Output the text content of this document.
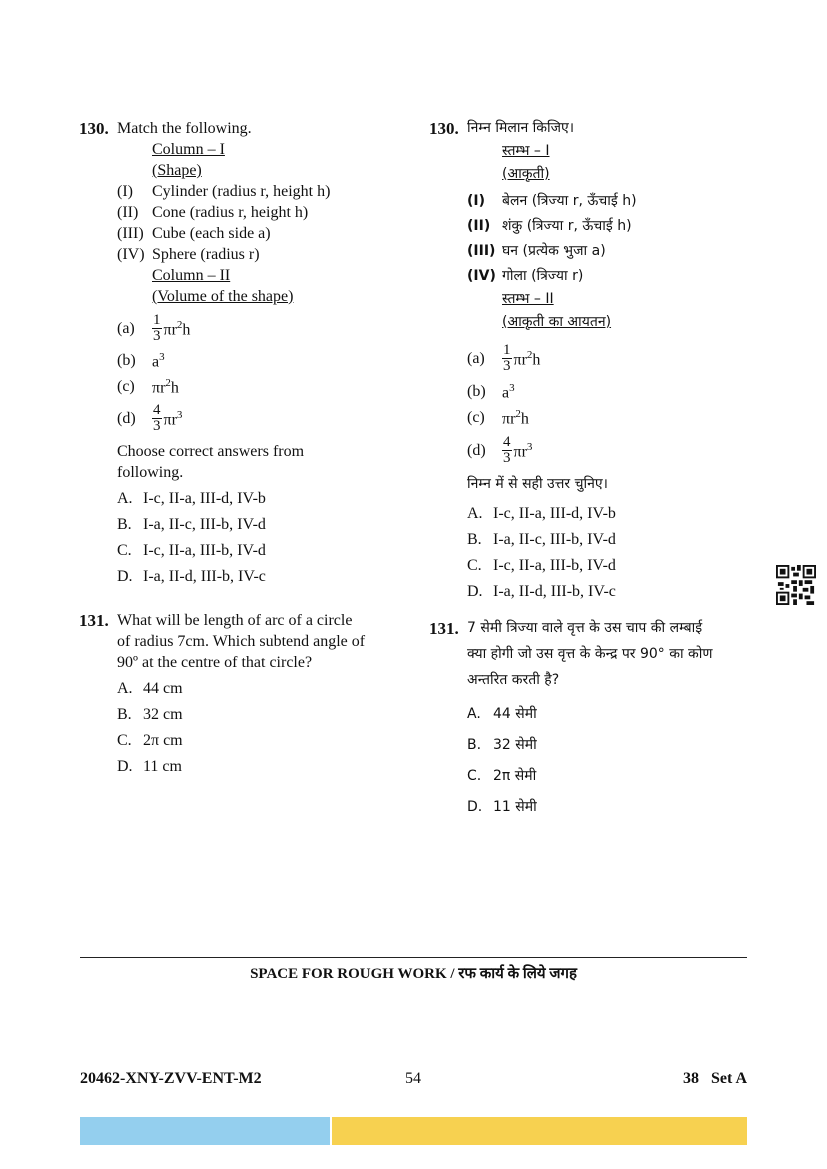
130. Match the following.
Column – I
(Shape)
(I)	Cylinder (radius r, height h)
(II) Cone (radius r, height h)
(III) Cube (each side a)
(IV) Sphere (radius r)
Column – II
(Volume of the shape)
(a)	$\frac{1}{3} \pi r^2h$
(b)	$a^3$
(c)	$\pi r^2h$
(d)	$\frac{4}{3} \pi r^3$
Choose correct answers from
following.
A. I-c, II-a, III-d, IV-b
B. I-a, II-c, III-b, IV-d
C. I-c, II-a, III-b, IV-d
D. I-a, II-d, III-b, IV-c
131. What will be length of arc of a circle
of radius 7cm. Which subtend angle of
90º at the centre of that circle?
A. 44 cm
B. 32 cm
C. 2π cm
D. 11 cm
130. निम्न मिलान किजिए।
स्तम्भ – I
(आकृती)
(I)	बेलन (त्रिज्या r, ऊँचाई h)
(II) शंकु (त्रिज्या r, ऊँचाई h)
(III) घन (प्रत्येक भुजा a)
(IV) गोला (त्रिज्या r)
स्तम्भ – II
(आकृती का आयतन)
(a)	$\frac{1}{3} \pi r^2h$
(b)	$a^3$
(c)	$\pi r^2h$
(d)	$\frac{4}{3} \pi r^3$
निम्न में से सही उत्तर चुनिए।
A. I-c, II-a, III-d, IV-b
B. I-a, II-c, III-b, IV-d
C. I-c, II-a, III-b, IV-d
D. I-a, II-d, III-b, IV-c
131. 7 सेमी त्रिज्या वाले वृत्त के उस चाप की लम्बाई
क्या होगी जो उस वृत्त के केन्द्र पर 90° का कोण
अन्तरित करती है?
A. 44 सेमी
B. 32 सेमी
C. 2π सेमी
D. 11 सेमी
SPACE FOR ROUGH WORK / रफ कार्य के लिये जगह
20462-XNY-ZVV-ENT-M2	54	38   Set A
